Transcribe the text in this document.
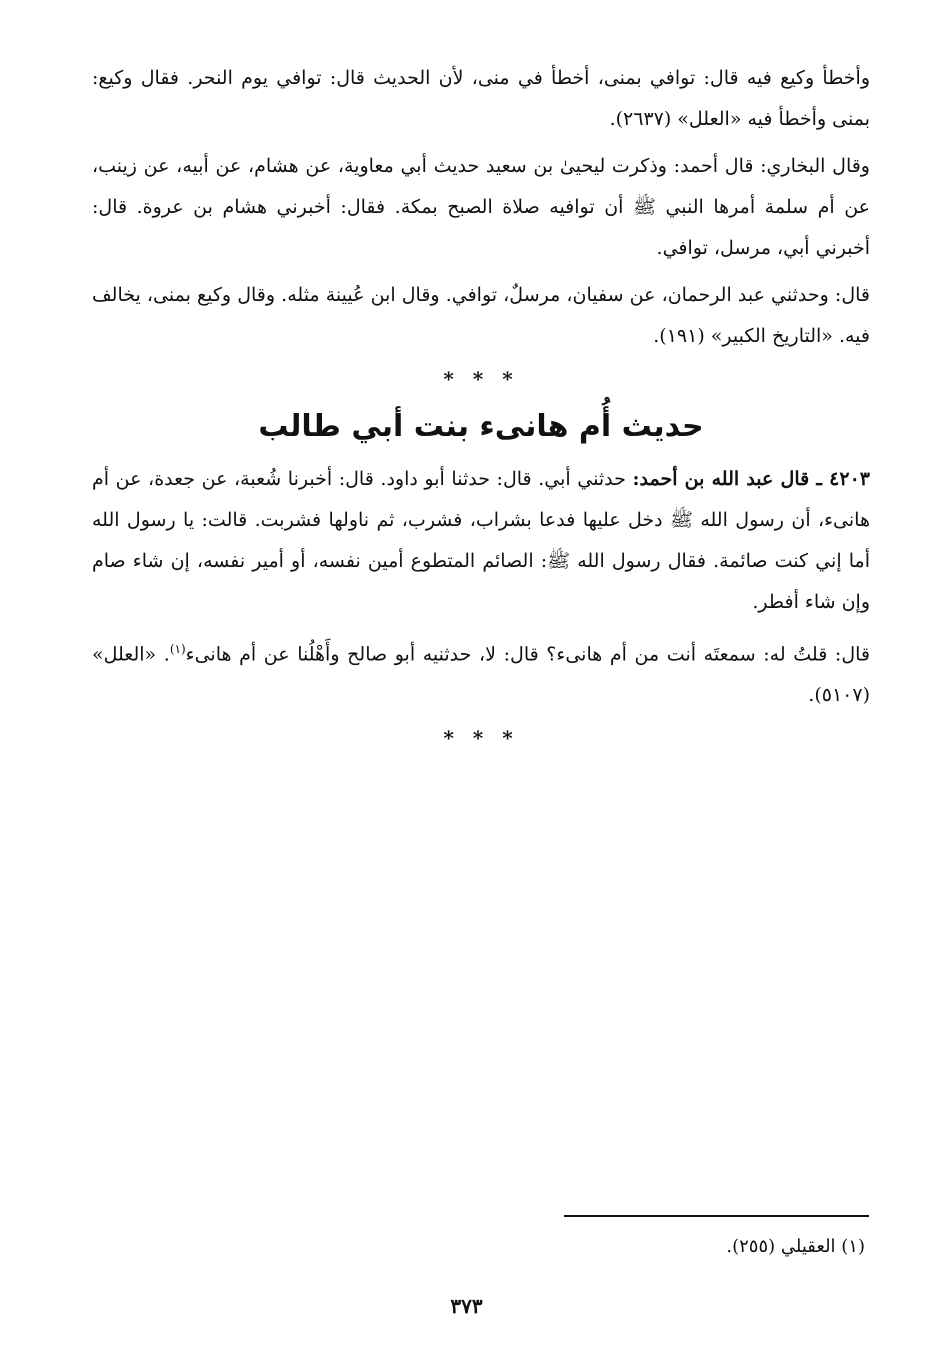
وأخطأ وكيع فيه قال: توافي بمنى، أخطأ في منى، لأن الحديث قال: توافي يوم النحر. فقال وكيع: بمنى وأخطأ فيه «العلل» (٢٦٣٧).

وقال البخاري: قال أحمد: وذكرت ليحيىٰ بن سعيد حديث أبي معاوية، عن هشام، عن أبيه، عن زينب، عن أم سلمة أمرها النبي ﷺ أن توافيه صلاة الصبح بمكة. فقال: أخبرني هشام بن عروة. قال: أخبرني أبي، مرسل، توافي.

قال: وحدثني عبد الرحمان، عن سفيان، مرسلٌ، توافي. وقال ابن عُيينة مثله. وقال وكيع بمنى، يخالف فيه. «التاريخ الكبير» (١٩١).

* * *
حديث أُم هانىء بنت أبي طالب

٤٢٠٣ ـ قال عبد الله بن أحمد: حدثني أبي. قال: حدثنا أبو داود. قال: أخبرنا شُعبة، عن جعدة، عن أم هانىء، أن رسول الله ﷺ دخل عليها فدعا بشراب، فشرب، ثم ناولها فشربت. قالت: يا رسول الله أما إني كنت صائمة. فقال رسول الله ﷺ: الصائم المتطوع أمين نفسه، أو أمير نفسه، إن شاء صام وإن شاء أفطر.

قال: قلتُ له: سمعتَه أنت من أم هانىء؟ قال: لا، حدثنيه أبو صالح وأَهْلُنا عن أم هانىء$^{(١)}$. «العلل» (٥١٠٧).

* * *
(١) العقيلي (٢٥٥).
٣٧٣
